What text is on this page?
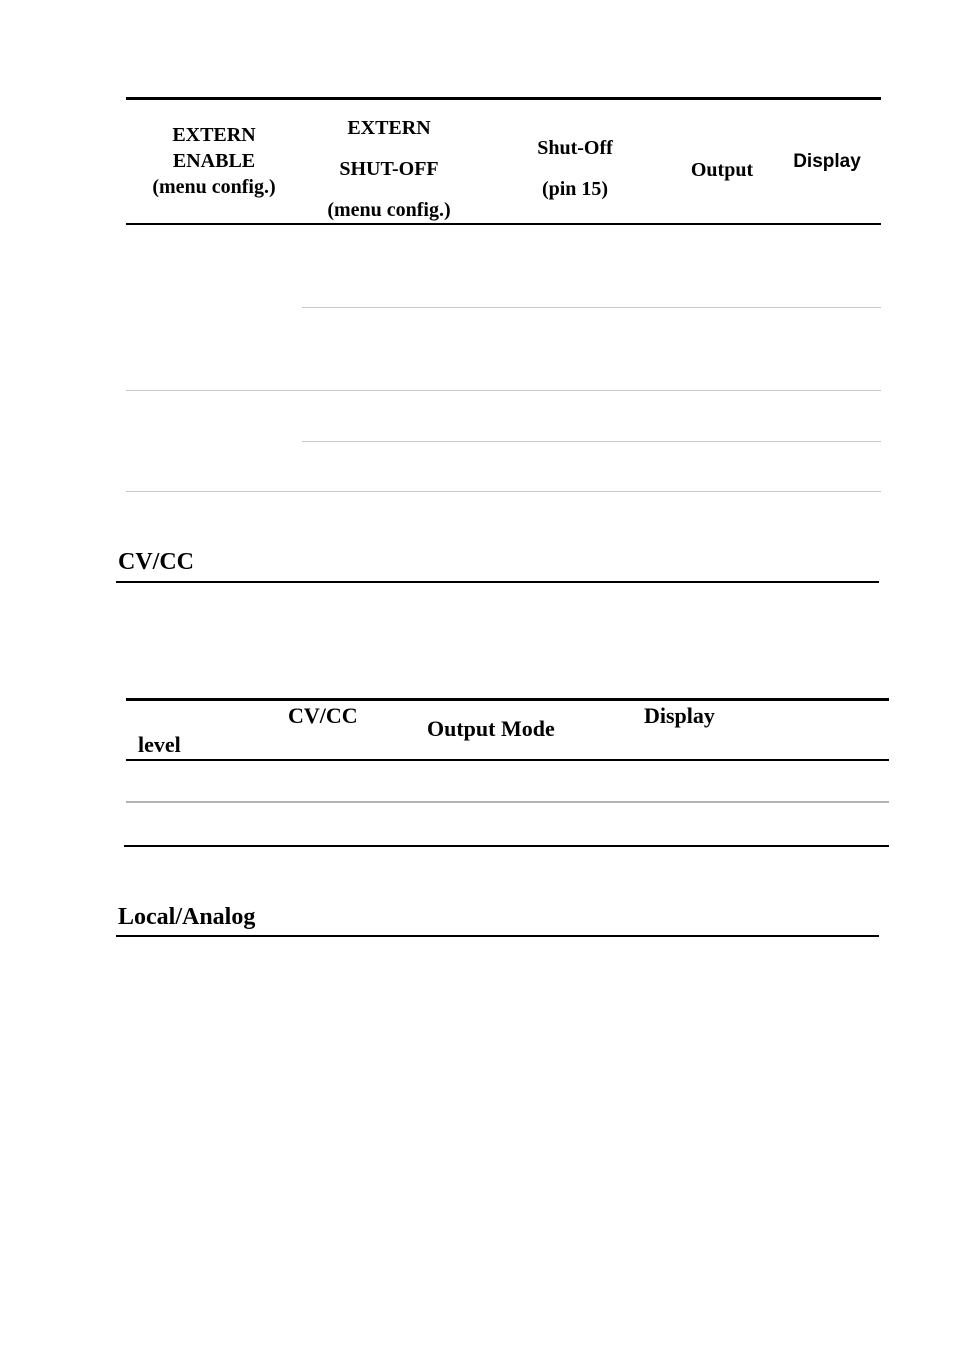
EXTERN
ENABLE
(menu config.)
EXTERN
SHUT-OFF
(menu config.)
Shut-Off
(pin 15)
Output	Display
CV/CC
level
CV/CC
Output Mode
Display
Local/Analog
